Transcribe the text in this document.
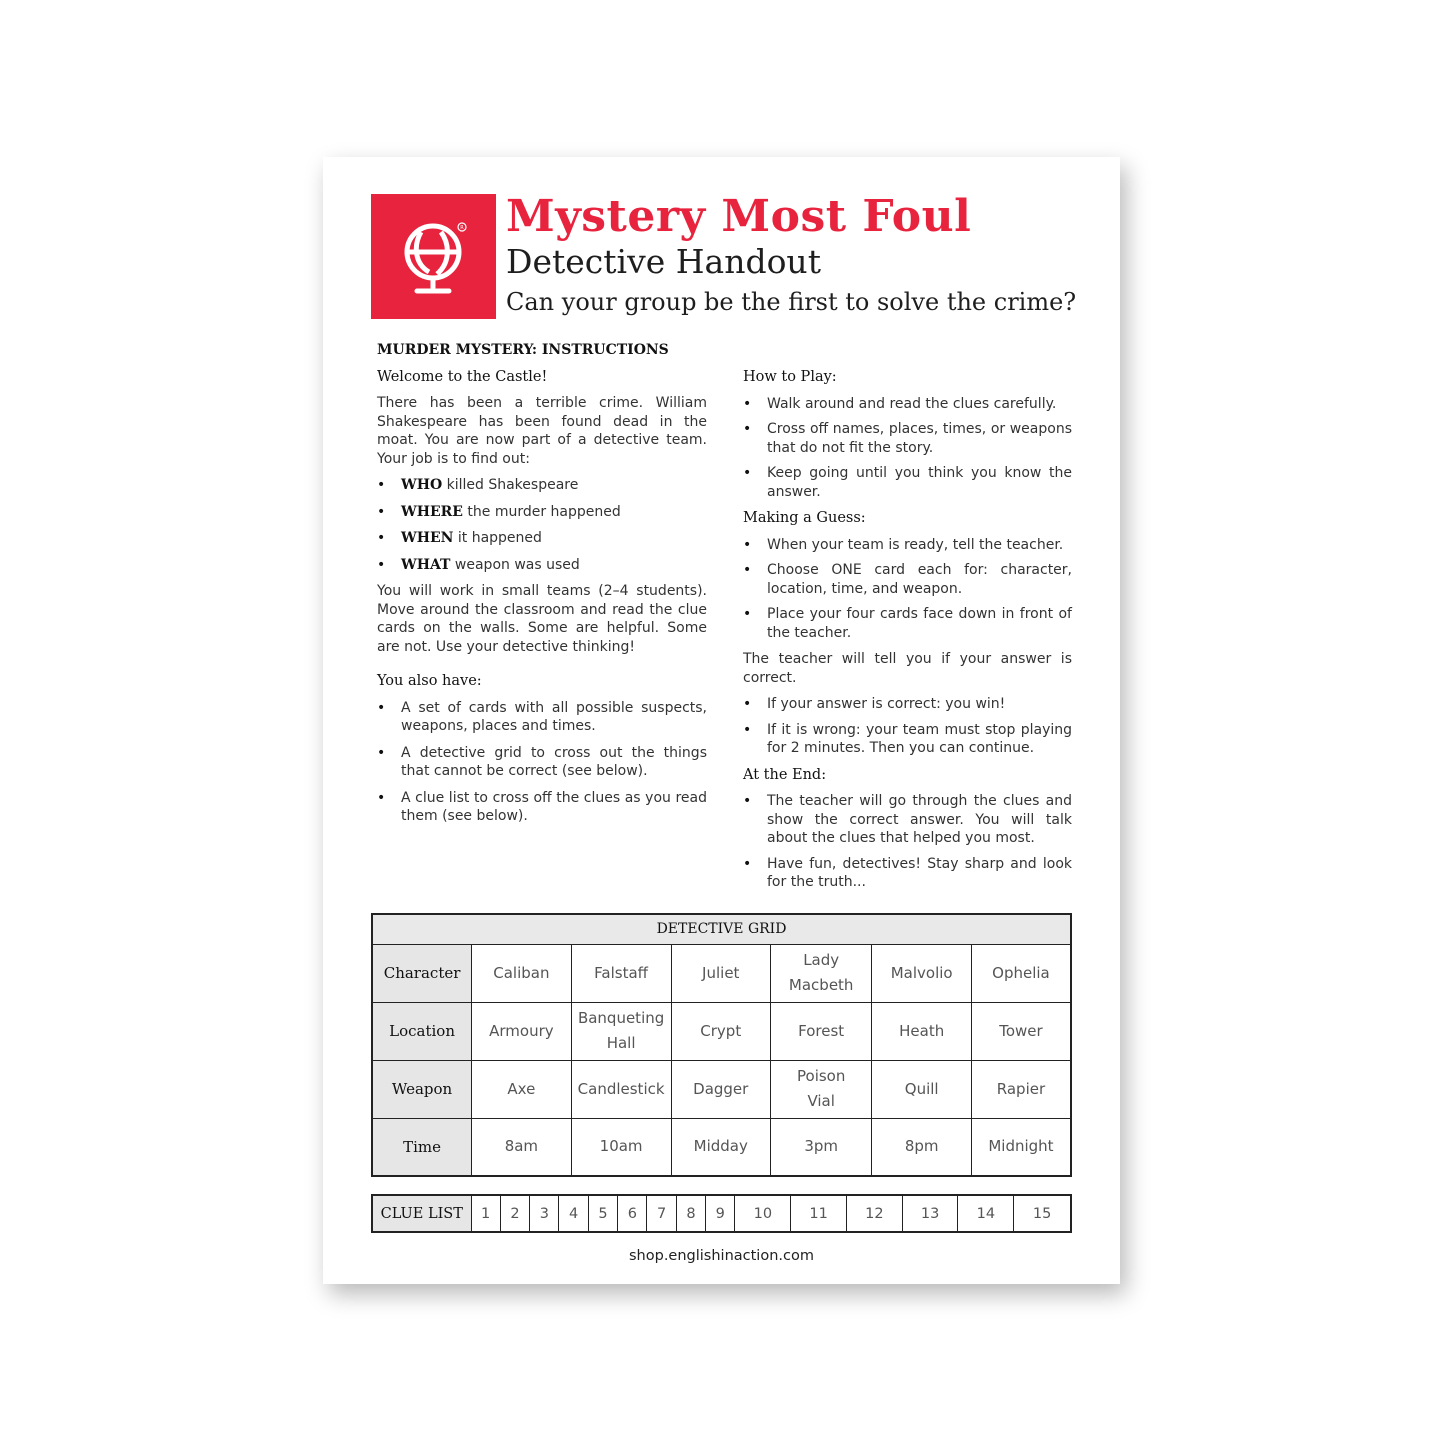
R Mystery Most Foul
Detective Handout
Can your group be the first to solve the crime?
MURDER MYSTERY: INSTRUCTIONS
Welcome to the Castle!
There has been a terrible crime. William Shakespeare has been found dead in the moat. You are now part of a detective team. Your job is to find out:
• WHO killed Shakespeare
• WHERE the murder happened
• WHEN it happened
• WHAT weapon was used
You will work in small teams (2–4 students). Move around the classroom and read the clue cards on the walls. Some are helpful. Some are not. Use your detective thinking!
You also have:
• A set of cards with all possible suspects, weapons, places and times.
• A detective grid to cross out the things that cannot be correct (see below).
• A clue list to cross off the clues as you read them (see below).
How to Play:
• Walk around and read the clues carefully.
• Cross off names, places, times, or weapons that do not fit the story.
• Keep going until you think you know the answer.
Making a Guess:
• When your team is ready, tell the teacher.
• Choose ONE card each for: character, location, time, and weapon.
• Place your four cards face down in front of the teacher.
The teacher will tell you if your answer is correct.
• If your answer is correct: you win!
• If it is wrong: your team must stop playing for 2 minutes. Then you can continue.
At the End:
• The teacher will go through the clues and show the correct answer. You will talk about the clues that helped you most.
• Have fun, detectives! Stay sharp and look for the truth...
DETECTIVE GRID						
Character	Caliban	Falstaff	Juliet	Lady Macbeth	Malvolio	Ophelia
Location	Armoury	Banqueting Hall	Crypt	Forest	Heath	Tower
Weapon	Axe	Candlestick	Dagger	Poison Vial	Quill	Rapier
Time	8am	10am	Midday	3pm	8pm	Midnight
CLUE LIST	1	2	3	4	5	6	7	8	9	10	11	12	13	14	15
shop.englishinaction.com
